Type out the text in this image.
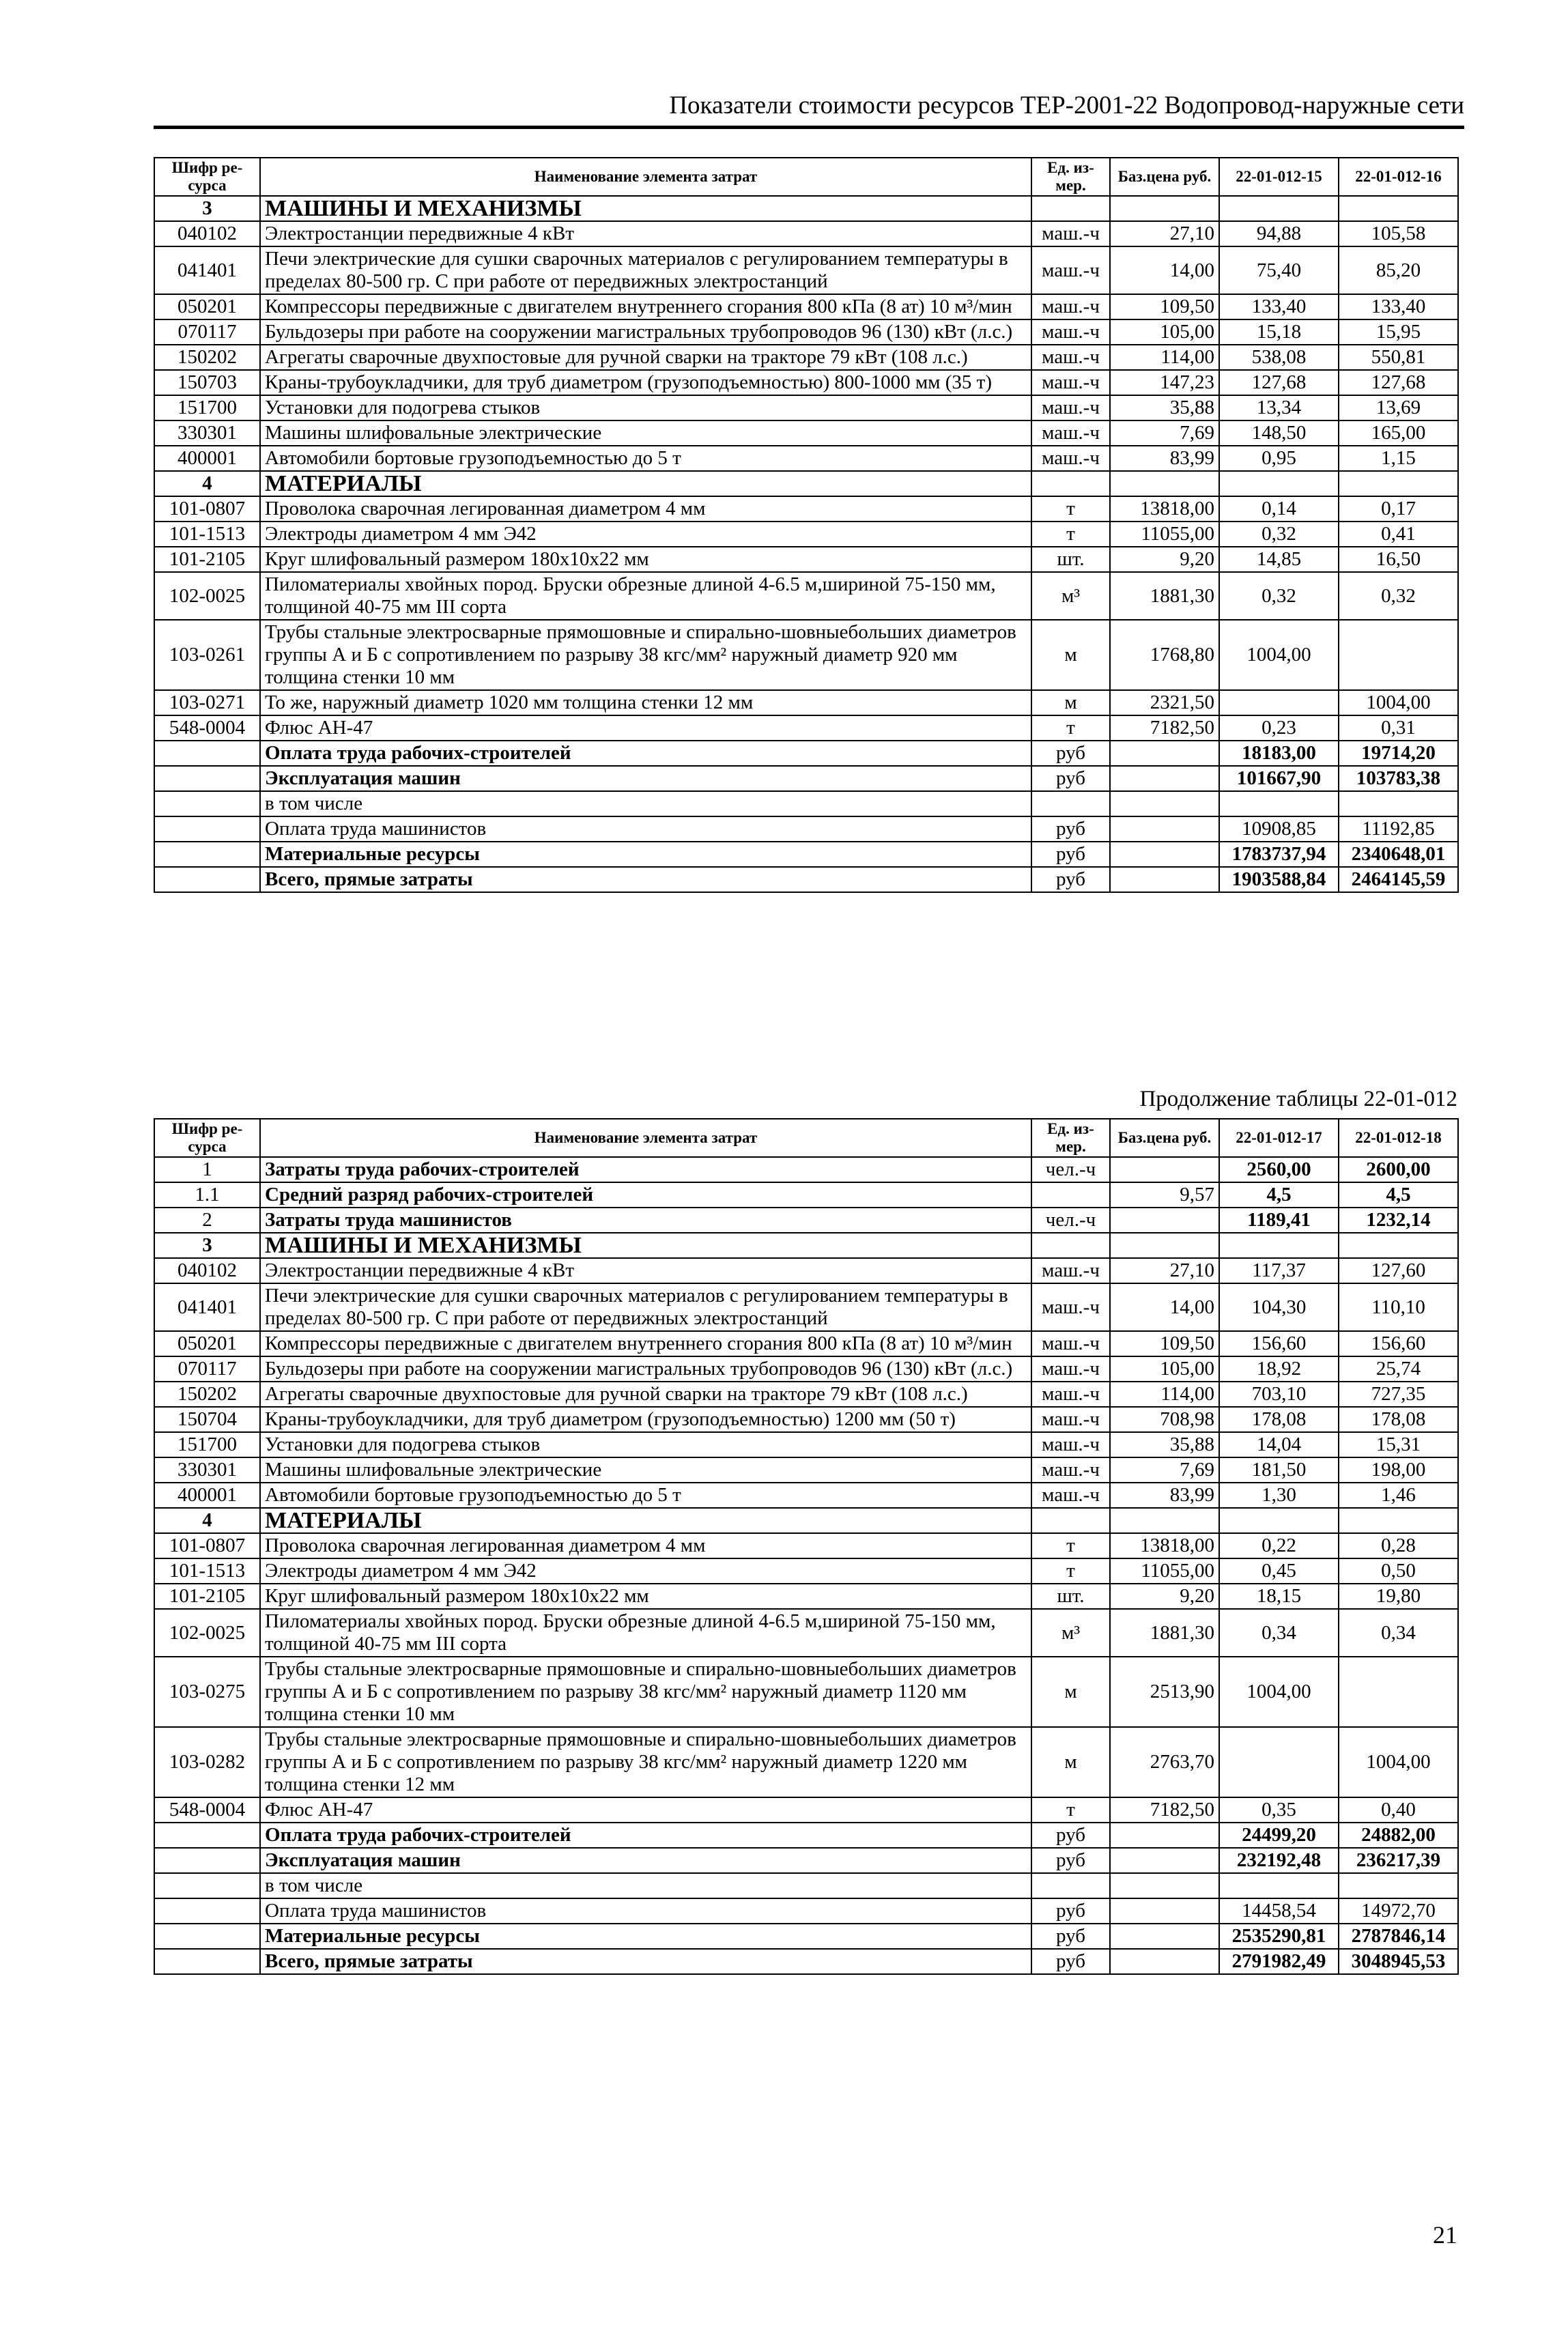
Показатели стоимости ресурсов ТЕР-2001-22 Водопровод-наружные сети
Шифр ре-сурса	Наименование элемента затрат	Ед. из-мер.	Баз.цена руб.	22-01-012-15	22-01-012-16
3	МАШИНЫ И МЕХАНИЗМЫ				
040102	Электростанции передвижные 4 кВт	маш.-ч	27,10	94,88	105,58
041401	Печи электрические для сушки сварочных материалов с регулированием температуры в пределах 80-500 гр. С при работе от передвижных электростанций	маш.-ч	14,00	75,40	85,20
050201	Компрессоры передвижные с двигателем внутреннего сгорания 800 кПа (8 ат) 10 м³/мин	маш.-ч	109,50	133,40	133,40
070117	Бульдозеры при работе на сооружении магистральных трубопроводов 96 (130) кВт (л.с.)	маш.-ч	105,00	15,18	15,95
150202	Агрегаты сварочные двухпостовые для ручной сварки на тракторе 79 кВт (108 л.с.)	маш.-ч	114,00	538,08	550,81
150703	Краны-трубоукладчики, для труб диаметром (грузоподъемностью) 800-1000 мм (35 т)	маш.-ч	147,23	127,68	127,68
151700	Установки для подогрева стыков	маш.-ч	35,88	13,34	13,69
330301	Машины шлифовальные электрические	маш.-ч	7,69	148,50	165,00
400001	Автомобили бортовые грузоподъемностью до 5 т	маш.-ч	83,99	0,95	1,15
4	МАТЕРИАЛЫ				
101-0807	Проволока сварочная легированная диаметром 4 мм	т	13818,00	0,14	0,17
101-1513	Электроды диаметром 4 мм Э42	т	11055,00	0,32	0,41
101-2105	Круг шлифовальный размером 180х10х22 мм	шт.	9,20	14,85	16,50
102-0025	Пиломатериалы хвойных пород. Бруски обрезные длиной 4-6.5 м,шириной 75-150 мм, толщиной 40-75 мм III сорта	м³	1881,30	0,32	0,32
103-0261	Трубы стальные электросварные прямошовные и спирально-шовныебольших диаметров группы А и Б с сопротивлением по разрыву 38 кгс/мм² наружный диаметр 920 мм толщина стенки 10 мм	м	1768,80	1004,00	
103-0271	То же, наружный диаметр 1020 мм толщина стенки 12 мм	м	2321,50		1004,00
548-0004	Флюс АН-47	т	7182,50	0,23	0,31
	Оплата труда рабочих-строителей	руб		18183,00	19714,20
	Эксплуатация машин	руб		101667,90	103783,38
	в том числе				
	Оплата труда машинистов	руб		10908,85	11192,85
	Материальные ресурсы	руб		1783737,94	2340648,01
	Всего, прямые затраты	руб		1903588,84	2464145,59
Продолжение таблицы 22-01-012
Шифр ре-сурса	Наименование элемента затрат	Ед. из-мер.	Баз.цена руб.	22-01-012-17	22-01-012-18
1	Затраты труда рабочих-строителей	чел.-ч		2560,00	2600,00
1.1	Средний разряд рабочих-строителей		9,57	4,5	4,5
2	Затраты труда машинистов	чел.-ч		1189,41	1232,14
3	МАШИНЫ И МЕХАНИЗМЫ				
040102	Электростанции передвижные 4 кВт	маш.-ч	27,10	117,37	127,60
041401	Печи электрические для сушки сварочных материалов с регулированием температуры в пределах 80-500 гр. С при работе от передвижных электростанций	маш.-ч	14,00	104,30	110,10
050201	Компрессоры передвижные с двигателем внутреннего сгорания 800 кПа (8 ат) 10 м³/мин	маш.-ч	109,50	156,60	156,60
070117	Бульдозеры при работе на сооружении магистральных трубопроводов 96 (130) кВт (л.с.)	маш.-ч	105,00	18,92	25,74
150202	Агрегаты сварочные двухпостовые для ручной сварки на тракторе 79 кВт (108 л.с.)	маш.-ч	114,00	703,10	727,35
150704	Краны-трубоукладчики, для труб диаметром (грузоподъемностью) 1200 мм (50 т)	маш.-ч	708,98	178,08	178,08
151700	Установки для подогрева стыков	маш.-ч	35,88	14,04	15,31
330301	Машины шлифовальные электрические	маш.-ч	7,69	181,50	198,00
400001	Автомобили бортовые грузоподъемностью до 5 т	маш.-ч	83,99	1,30	1,46
4	МАТЕРИАЛЫ				
101-0807	Проволока сварочная легированная диаметром 4 мм	т	13818,00	0,22	0,28
101-1513	Электроды диаметром 4 мм Э42	т	11055,00	0,45	0,50
101-2105	Круг шлифовальный размером 180х10х22 мм	шт.	9,20	18,15	19,80
102-0025	Пиломатериалы хвойных пород. Бруски обрезные длиной 4-6.5 м,шириной 75-150 мм, толщиной 40-75 мм III сорта	м³	1881,30	0,34	0,34
103-0275	Трубы стальные электросварные прямошовные и спирально-шовныебольших диаметров группы А и Б с сопротивлением по разрыву 38 кгс/мм² наружный диаметр 1120 мм толщина стенки 10 мм	м	2513,90	1004,00	
103-0282	Трубы стальные электросварные прямошовные и спирально-шовныебольших диаметров группы А и Б с сопротивлением по разрыву 38 кгс/мм² наружный диаметр 1220 мм толщина стенки 12 мм	м	2763,70		1004,00
548-0004	Флюс АН-47	т	7182,50	0,35	0,40
	Оплата труда рабочих-строителей	руб		24499,20	24882,00
	Эксплуатация машин	руб		232192,48	236217,39
	в том числе				
	Оплата труда машинистов	руб		14458,54	14972,70
	Материальные ресурсы	руб		2535290,81	2787846,14
	Всего, прямые затраты	руб		2791982,49	3048945,53
21
